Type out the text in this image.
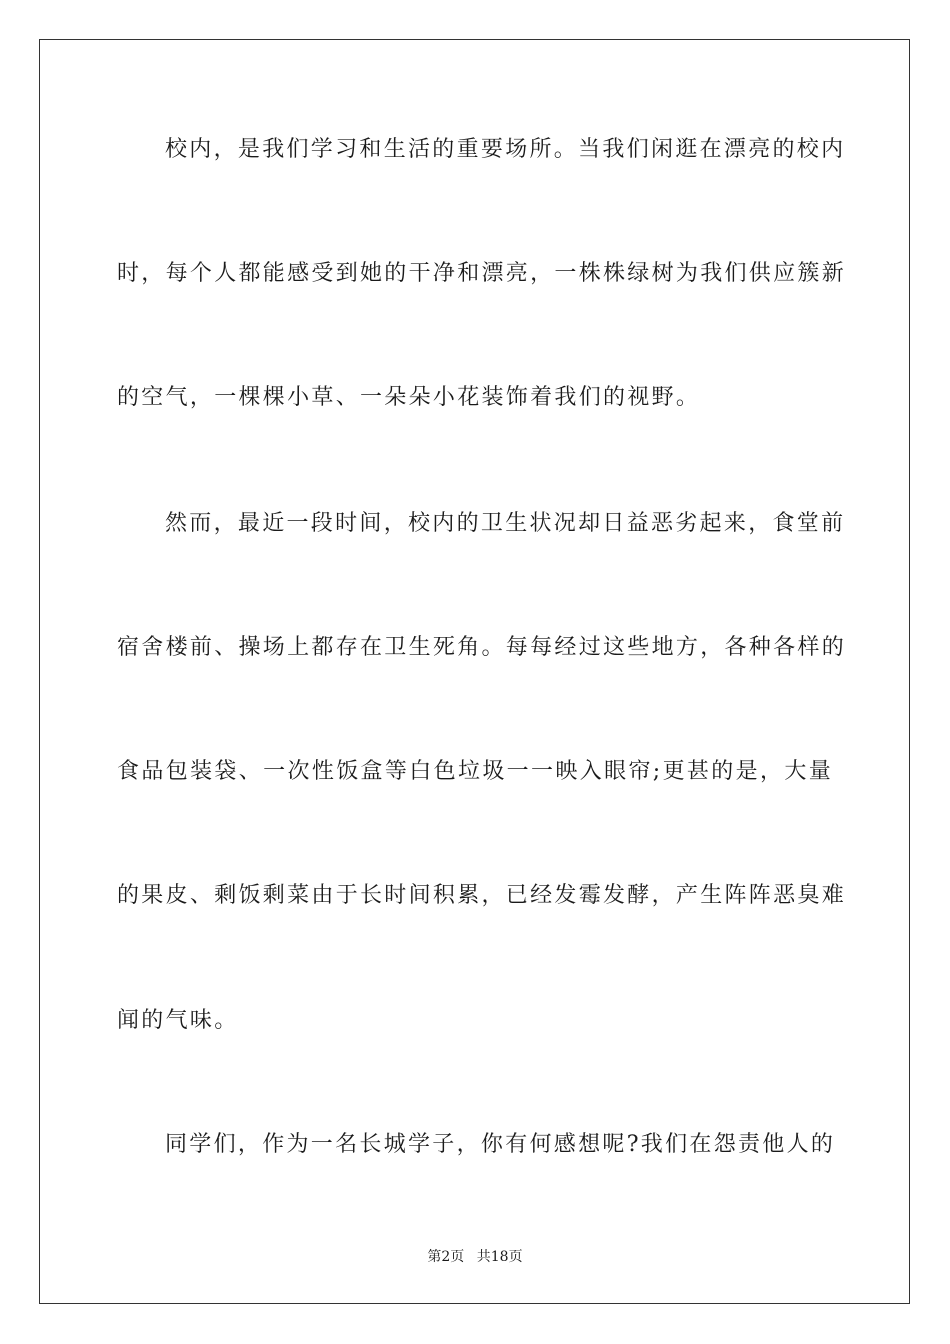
校内，是我们学习和生活的重要场所。当我们闲逛在漂亮的校内
时，每个人都能感受到她的干净和漂亮，一株株绿树为我们供应簇新
的空气，一棵棵小草、一朵朵小花装饰着我们的视野。
然而，最近一段时间，校内的卫生状况却日益恶劣起来，食堂前
宿舍楼前、操场上都存在卫生死角。每每经过这些地方，各种各样的
食品包装袋、一次性饭盒等白色垃圾一一映入眼帘;更甚的是，大量
的果皮、剩饭剩菜由于长时间积累，已经发霉发酵，产生阵阵恶臭难
闻的气味。
同学们，作为一名长城学子，你有何感想呢?我们在怨责他人的
第2页 共18页
